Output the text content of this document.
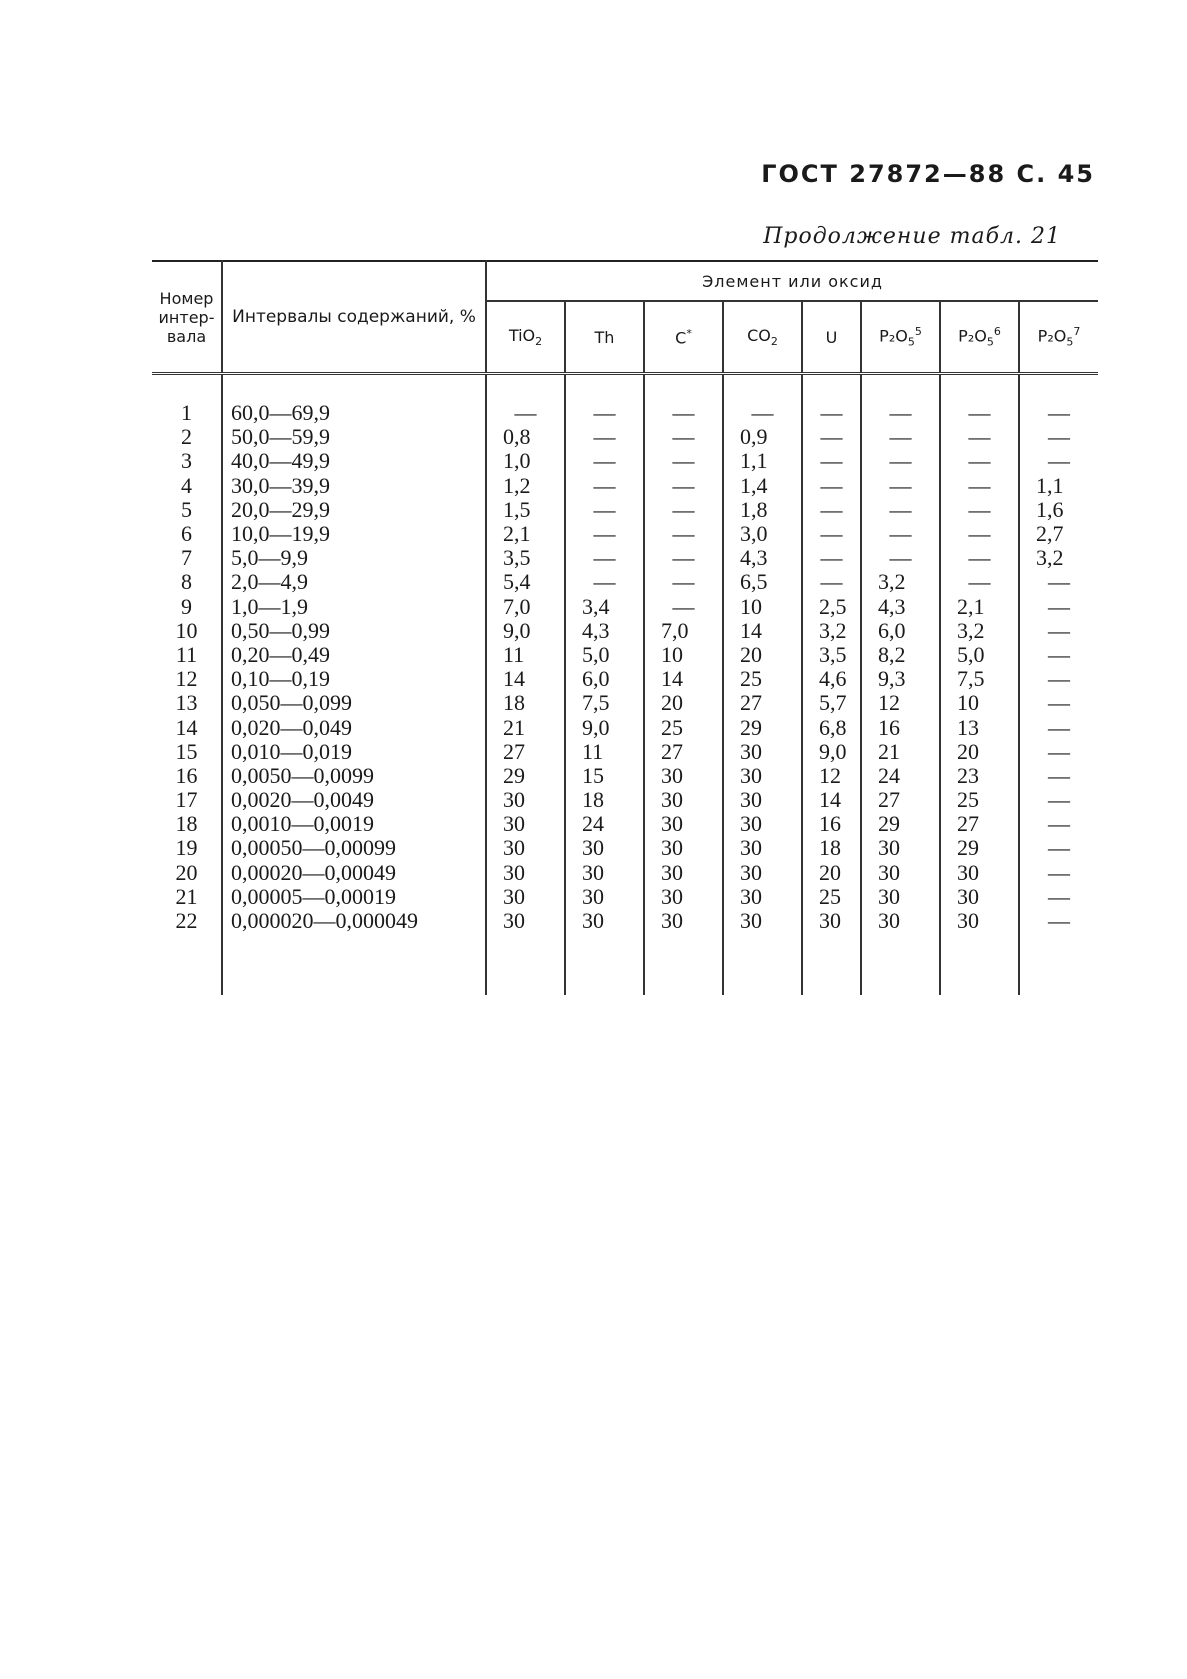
ГОСТ 27872—88 С. 45
Продолжение табл. 21
Номер интер-вала	Интервалы содержаний, %	Элемент или оксид							
		TiO$_2$	Th	C*	$CO_2$	U	$P_2O_5^5$	$P_2O_5^6$	$P_2O_5^7$

1	60,0—69,9	—	—	—	—	—	—	—	—
2	50,0—59,9	0,8	—	—	0,9	—	—	—	—
3	40,0—49,9	1,0	—	—	1,1	—	—	—	—
4	30,0—39,9	1,2	—	—	1,4	—	—	—	1,1
5	20,0—29,9	1,5	—	—	1,8	—	—	—	1,6
6	10,0—19,9	2,1	—	—	3,0	—	—	—	2,7
7	5,0—9,9	3,5	—	—	4,3	—	—	—	3,2
8	2,0—4,9	5,4	—	—	6,5	—	3,2	—	—
9	1,0—1,9	7,0	3,4	—	10	2,5	4,3	2,1	—
10	0,50—0,99	9,0	4,3	7,0	14	3,2	6,0	3,2	—
11	0,20—0,49	11	5,0	10	20	3,5	8,2	5,0	—
12	0,10—0,19	14	6,0	14	25	4,6	9,3	7,5	—
13	0,050—0,099	18	7,5	20	27	5,7	12	10	—
14	0,020—0,049	21	9,0	25	29	6,8	16	13	—
15	0,010—0,019	27	11	27	30	9,0	21	20	—
16	0,0050—0,0099	29	15	30	30	12	24	23	—
17	0,0020—0,0049	30	18	30	30	14	27	25	—
18	0,0010—0,0019	30	24	30	30	16	29	27	—
19	0,00050—0,00099	30	30	30	30	18	30	29	—
20	0,00020—0,00049	30	30	30	30	20	30	30	—
21	0,00005—0,00019	30	30	30	30	25	30	30	—
22	0,000020—0,000049	30	30	30	30	30	30	30	—
